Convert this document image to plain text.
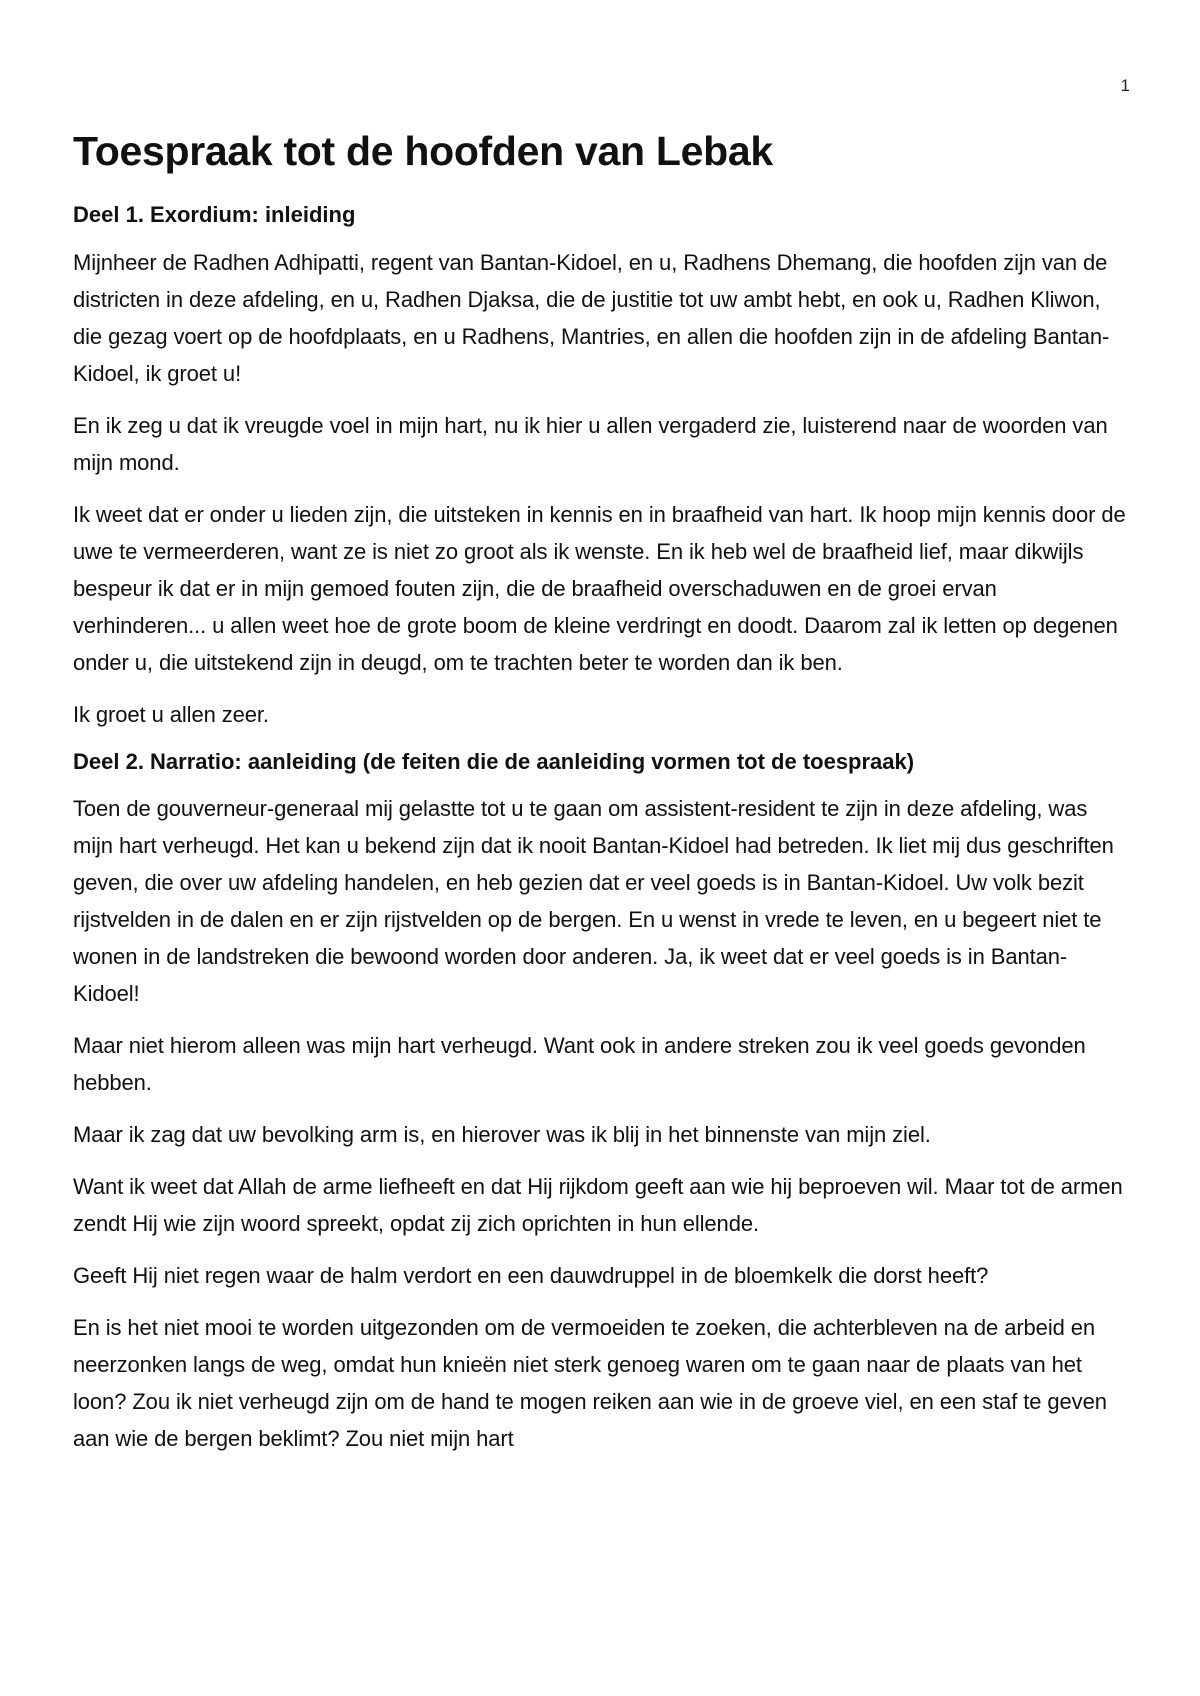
1
Toespraak tot de hoofden van Lebak
Deel 1. Exordium: inleiding

Mijnheer de Radhen Adhipatti, regent van Bantan-Kidoel, en u, Radhens Dhemang, die hoofden zijn van de districten in deze afdeling, en u, Radhen Djaksa, die de justitie tot uw ambt hebt, en ook u, Radhen Kliwon, die gezag voert op de hoofdplaats, en u Radhens, Mantries, en allen die hoofden zijn in de afdeling Bantan-Kidoel, ik groet u!

En ik zeg u dat ik vreugde voel in mijn hart, nu ik hier u allen vergaderd zie, luisterend naar de woorden van mijn mond.

Ik weet dat er onder u lieden zijn, die uitsteken in kennis en in braafheid van hart. Ik hoop mijn kennis door de uwe te vermeerderen, want ze is niet zo groot als ik wenste. En ik heb wel de braafheid lief, maar dikwijls bespeur ik dat er in mijn gemoed fouten zijn, die de braafheid overschaduwen en de groei ervan verhinderen... u allen weet hoe de grote boom de kleine verdringt en doodt. Daarom zal ik letten op degenen onder u, die uitstekend zijn in deugd, om te trachten beter te worden dan ik ben.

Ik groet u allen zeer.

Deel 2. Narratio: aanleiding (de feiten die de aanleiding vormen tot de toespraak)

Toen de gouverneur-generaal mij gelastte tot u te gaan om assistent-resident te zijn in deze afdeling, was mijn hart verheugd. Het kan u bekend zijn dat ik nooit Bantan-Kidoel had betreden. Ik liet mij dus geschriften geven, die over uw afdeling handelen, en heb gezien dat er veel goeds is in Bantan-Kidoel. Uw volk bezit rijstvelden in de dalen en er zijn rijstvelden op de bergen. En u wenst in vrede te leven, en u begeert niet te wonen in de landstreken die bewoond worden door anderen. Ja, ik weet dat er veel goeds is in Bantan-Kidoel!

Maar niet hierom alleen was mijn hart verheugd. Want ook in andere streken zou ik veel goeds gevonden hebben.

Maar ik zag dat uw bevolking arm is, en hierover was ik blij in het binnenste van mijn ziel.

Want ik weet dat Allah de arme liefheeft en dat Hij rijkdom geeft aan wie hij beproeven wil. Maar tot de armen zendt Hij wie zijn woord spreekt, opdat zij zich oprichten in hun ellende.

Geeft Hij niet regen waar de halm verdort en een dauwdruppel in de bloemkelk die dorst heeft?

En is het niet mooi te worden uitgezonden om de vermoeiden te zoeken, die achterbleven na de arbeid en neerzonken langs de weg, omdat hun knieën niet sterk genoeg waren om te gaan naar de plaats van het loon? Zou ik niet verheugd zijn om de hand te mogen reiken aan wie in de groeve viel, en een staf te geven aan wie de bergen beklimt? Zou niet mijn hart
